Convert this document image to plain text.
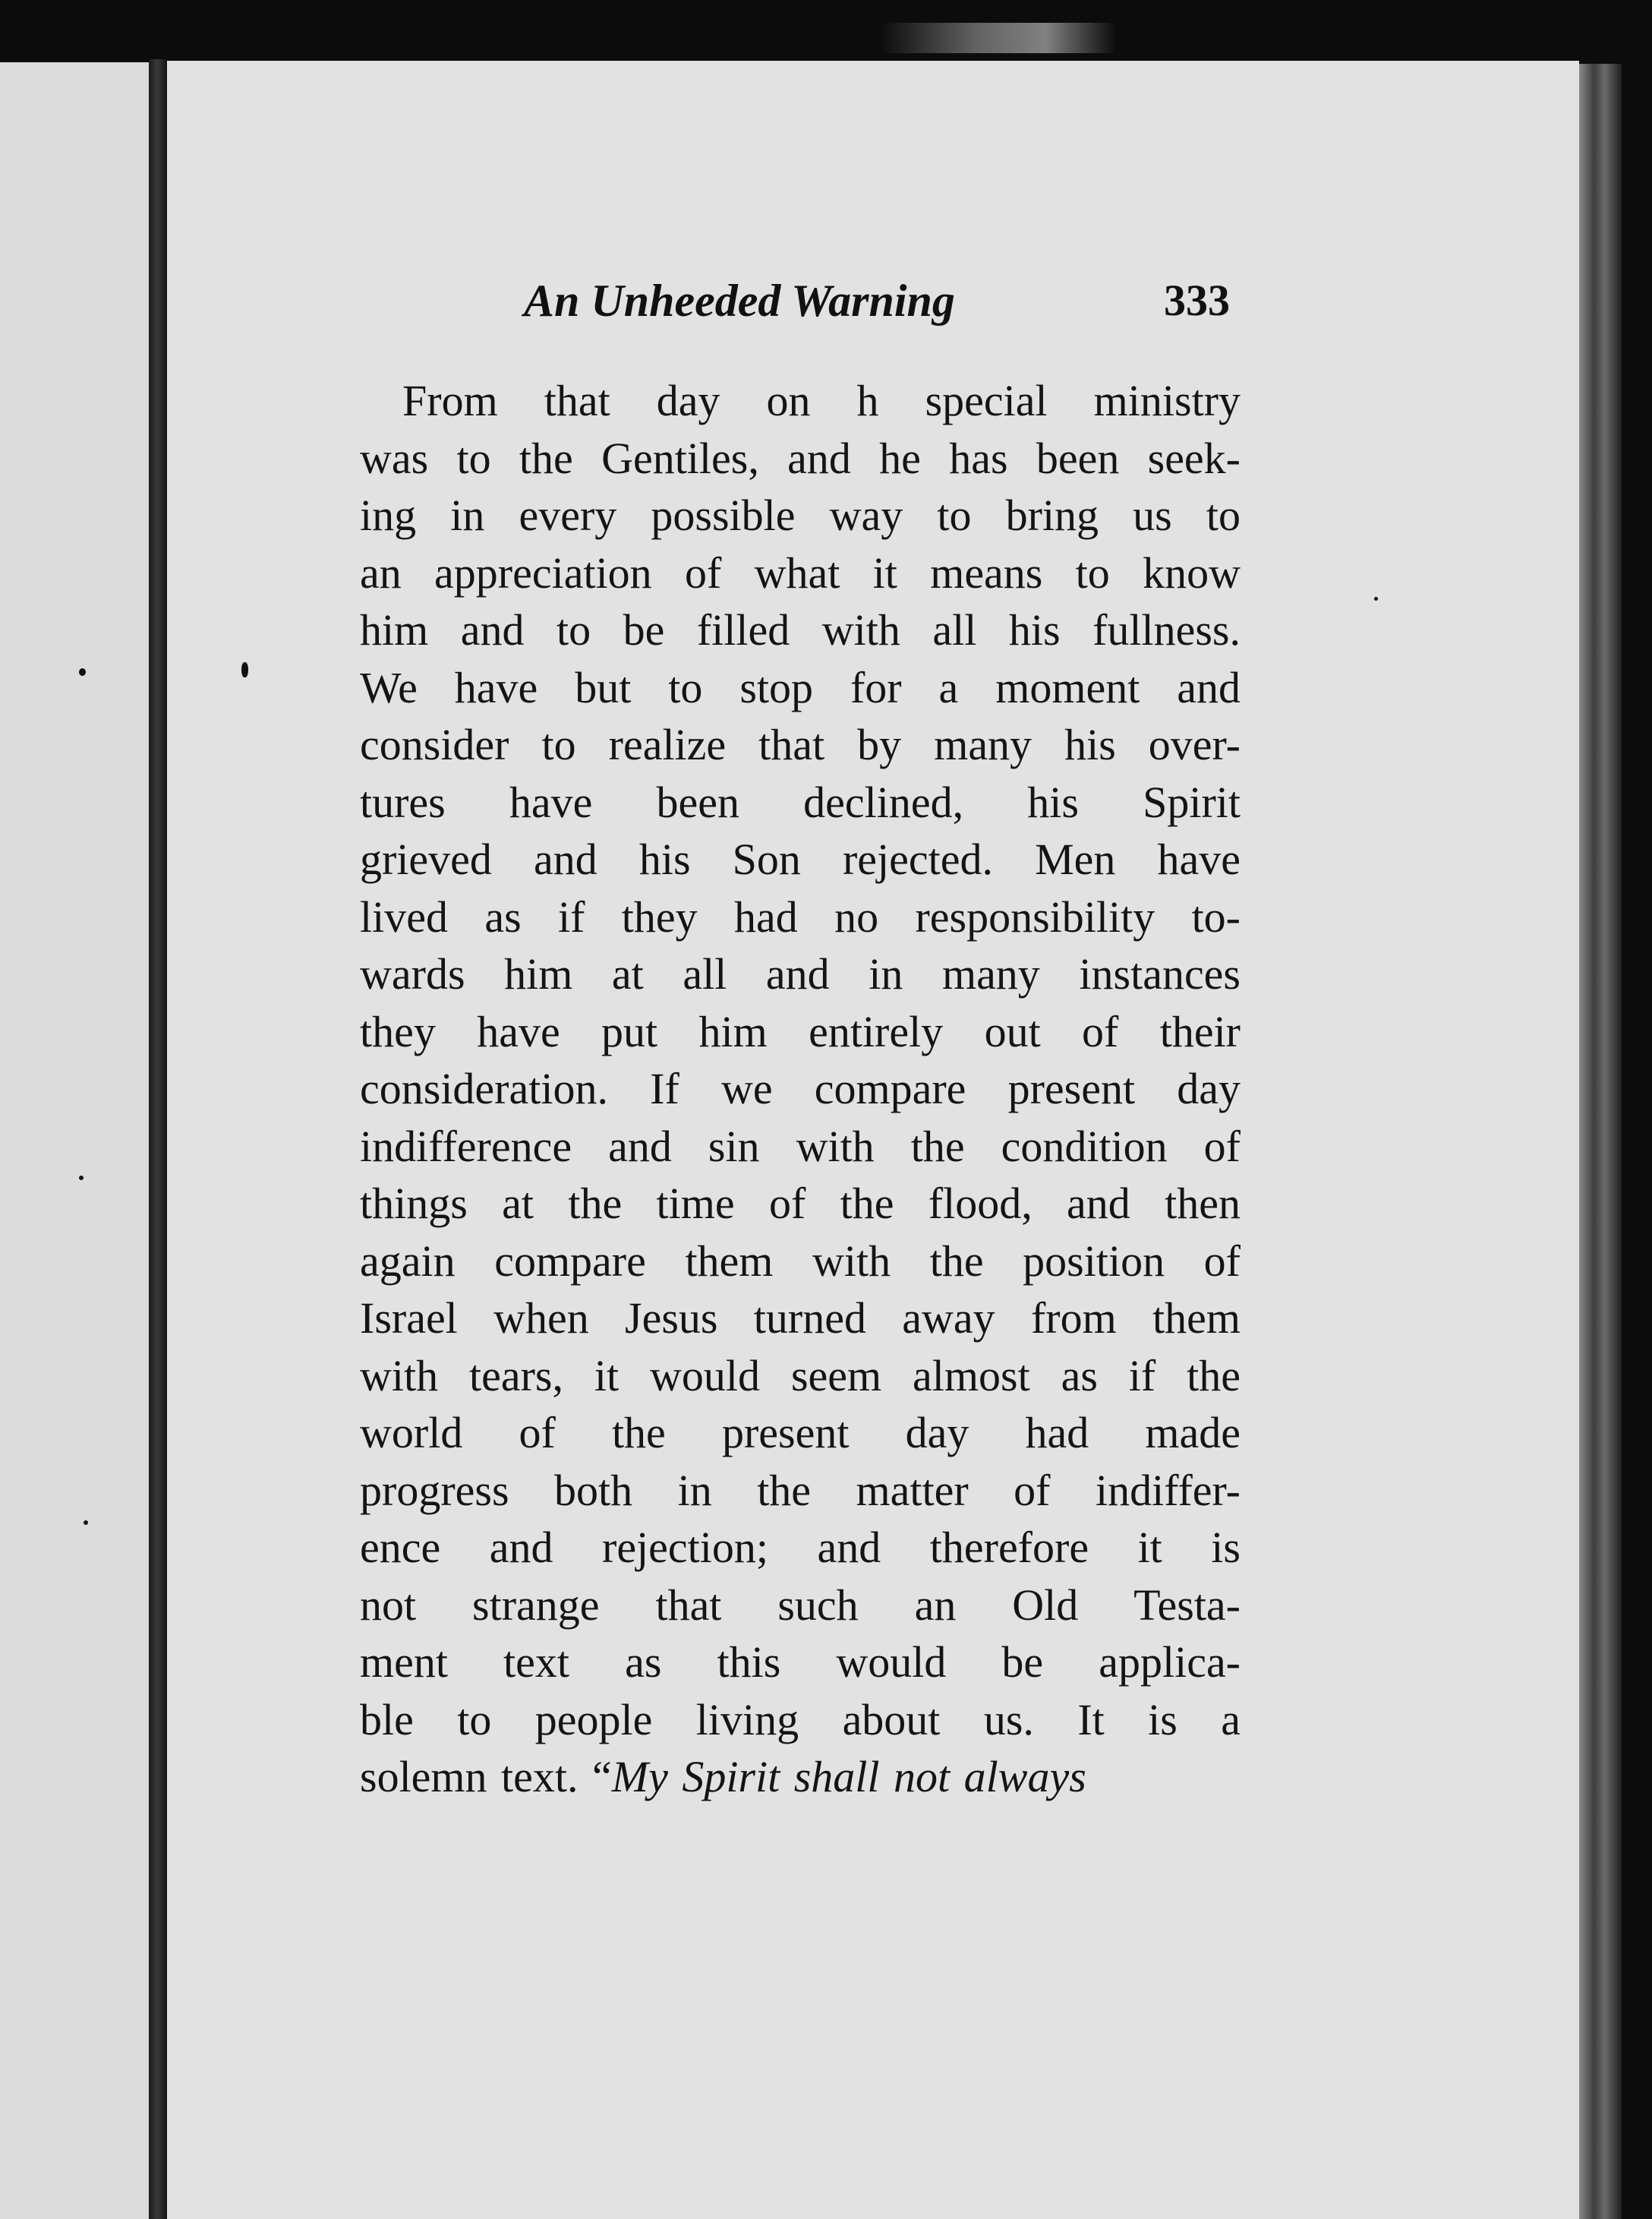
An Unheeded Warning	333
From that day on h special ministry
was to the Gentiles, and he has been seek-
ing in every possible way to bring us to
an appreciation of what it means to know
him and to be filled with all his fullness.
We have but to stop for a moment and
consider to realize that by many his over-
tures have been declined, his Spirit
grieved and his Son rejected. Men have
lived as if they had no responsibility to-
wards him at all and in many instances
they have put him entirely out of their
consideration. If we compare present day
indifference and sin with the condition of
things at the time of the flood, and then
again compare them with the position of
Israel when Jesus turned away from them
with tears, it would seem almost as if the
world of the present day had made
progress both in the matter of indiffer-
ence and rejection; and therefore it is
not strange that such an Old Testa-
ment text as this would be applica-
ble to people living about us. It is a
solemn text. “My Spirit shall not always
